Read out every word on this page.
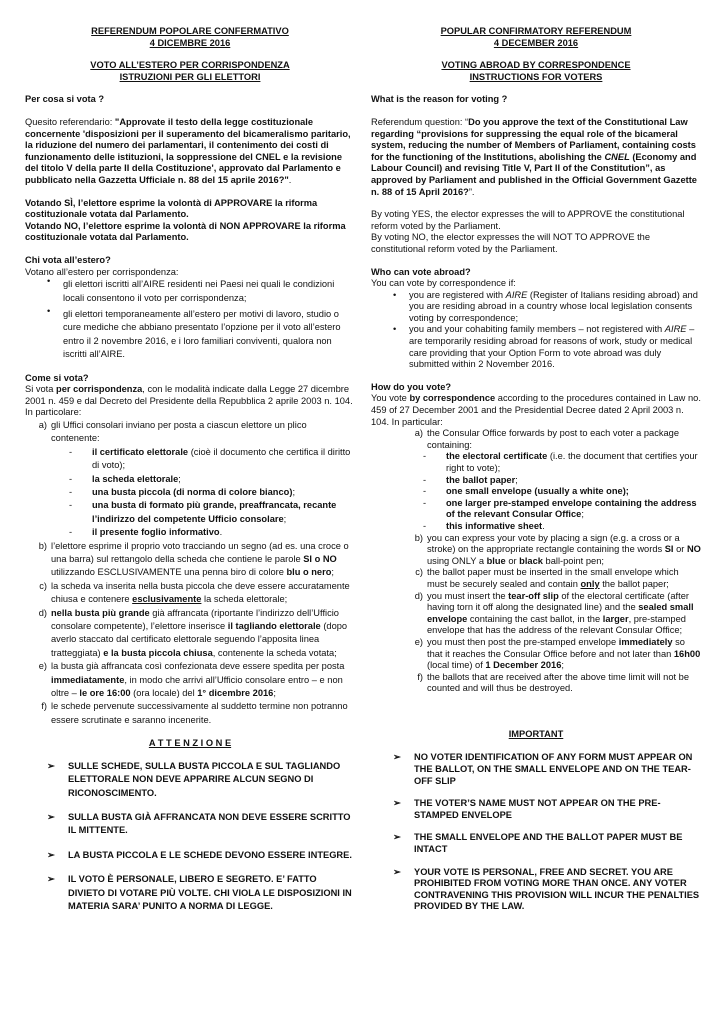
REFERENDUM POPOLARE CONFERMATIVO

4 DICEMBRE 2016

VOTO ALL’ESTERO PER CORRISPONDENZA

ISTRUZIONI PER GLI ELETTORI

Per cosa si vota ?

Quesito referendario: "Approvate il testo della legge costituzionale concernente 'disposizioni per il superamento del bicameralismo paritario, la riduzione del numero dei parlamentari, il contenimento dei costi di funzionamento delle istituzioni, la soppressione del CNEL e la revisione del titolo V della parte II della Costituzione', approvato dal Parlamento e pubblicato nella Gazzetta Ufficiale n. 88 del 15 aprile 2016?".

Votando SÌ, l’elettore esprime la volontà di APPROVARE la riforma costituzionale votata dal Parlamento.

Votando NO, l’elettore esprime la volontà di NON APPROVARE la riforma costituzionale votata dal Parlamento.

Chi vota all’estero?

Votano all’estero per corrispondenza:

• gli elettori iscritti all’AIRE residenti nei Paesi nei quali le condizioni locali consentono il voto per corrispondenza;
• gli elettori temporaneamente all’estero per motivi di lavoro, studio o cure mediche che abbiano presentato l’opzione per il voto all’estero entro il 2 novembre 2016, e i loro familiari conviventi, qualora non iscritti all’AIRE.

Come si vota?

Si vota per corrispondenza, con le modalità indicate dalla Legge 27 dicembre 2001 n. 459 e dal Decreto del Presidente della Repubblica 2 aprile 2003 n. 104. In particolare:

a) gli Uffici consolari inviano per posta a ciascun elettore un plico contenente:
- il certificato elettorale (cioè il documento che certifica il diritto di voto);
- la scheda elettorale;
- una busta piccola (di norma di colore bianco);
- una busta di formato più grande, preaffrancata, recante l’indirizzo del competente Ufficio consolare;
- il presente foglio informativo.
b) l’elettore esprime il proprio voto tracciando un segno (ad es. una croce o una barra) sul rettangolo della scheda che contiene le parole SI o NO utilizzando ESCLUSIVAMENTE una penna biro di colore blu o nero;
c) la scheda va inserita nella busta piccola che deve essere accuratamente chiusa e contenere esclusivamente la scheda elettorale;
d) nella busta più grande già affrancata (riportante l’indirizzo dell’Ufficio consolare competente), l’elettore inserisce il tagliando elettorale (dopo averlo staccato dal certificato elettorale seguendo l’apposita linea tratteggiata) e la busta piccola chiusa, contenente la scheda votata;
e) la busta già affrancata così confezionata deve essere spedita per posta immediatamente, in modo che arrivi all’Ufficio consolare entro – e non oltre – le ore 16:00 (ora locale) del 1° dicembre 2016;
f) le schede pervenute successivamente al suddetto termine non potranno essere scrutinate e saranno incenerite.

A T T E N Z I O N E

➢ SULLE SCHEDE, SULLA BUSTA PICCOLA E SUL TAGLIANDO ELETTORALE NON DEVE APPARIRE ALCUN SEGNO DI RICONOSCIMENTO.
➢ SULLA BUSTA GIÀ AFFRANCATA NON DEVE ESSERE SCRITTO IL MITTENTE.
➢ LA BUSTA PICCOLA E LE SCHEDE DEVONO ESSERE INTEGRE.
➢ IL VOTO È PERSONALE, LIBERO E SEGRETO. E’ FATTO DIVIETO DI VOTARE PIÙ VOLTE. CHI VIOLA LE DISPOSIZIONI IN MATERIA SARA’ PUNITO A NORMA DI LEGGE.

POPULAR CONFIRMATORY REFERENDUM

4 DECEMBER 2016

VOTING ABROAD BY CORRESPONDENCE

INSTRUCTIONS FOR VOTERS

What is the reason for voting ?

Referendum question: “Do you approve the text of the Constitutional Law regarding “provisions for suppressing the equal role of the bicameral system, reducing the number of Members of Parliament, containing costs for the functioning of the Institutions, abolishing the CNEL (Economy and Labour Council) and revising Title V, Part II of the Constitution”, as approved by Parliament and published in the Official Government Gazette n. 88 of 15 April 2016?”.

By voting YES, the elector expresses the will to APPROVE the constitutional reform voted by the Parliament.

By voting NO, the elector expresses the will NOT TO APPROVE the constitutional reform voted by the Parliament.

Who can vote abroad?

You can vote by correspondence if:

• you are registered with AIRE (Register of Italians residing abroad) and you are residing abroad in a country whose local legislation consents voting by correspondence;
• you and your cohabiting family members – not registered with AIRE – are temporarily residing abroad for reasons of work, study or medical care providing that your Option Form to vote abroad was duly submitted within 2 November 2016.

How do you vote?

You vote by correspondence according to the procedures contained in Law no. 459 of 27 December 2001 and the Presidential Decree dated 2 April 2003 n. 104. In particular:

a) the Consular Office forwards by post to each voter a package containing:
- the electoral certificate (i.e. the document that certifies your right to vote);
- the ballot paper;
- one small envelope (usually a white one);
- one larger pre-stamped envelope containing the address of the relevant Consular Office;
- this informative sheet.
b) you can express your vote by placing a sign (e.g. a cross or a stroke) on the appropriate rectangle containing the words SI or NO using ONLY a blue or black ball-point pen;
c) the ballot paper must be inserted in the small envelope which must be securely sealed and contain only the ballot paper;
d) you must insert the tear-off slip of the electoral certificate (after having torn it off along the designated line) and the sealed small envelope containing the cast ballot, in the larger, pre-stamped envelope that has the address of the relevant Consular Office;
e) you must then post the pre-stamped envelope immediately so that it reaches the Consular Office before and not later than 16h00 (local time) of 1 December 2016;
f) the ballots that are received after the above time limit will not be counted and will thus be destroyed.

IMPORTANT

➢ NO VOTER IDENTIFICATION OF ANY FORM MUST APPEAR ON THE BALLOT, ON THE SMALL ENVELOPE AND ON THE TEAR-OFF SLIP
➢ THE VOTER’S NAME MUST NOT APPEAR ON THE PRE-STAMPED ENVELOPE
➢ THE SMALL ENVELOPE AND THE BALLOT PAPER MUST BE INTACT
➢ YOUR VOTE IS PERSONAL, FREE AND SECRET. YOU ARE PROHIBITED FROM VOTING MORE THAN ONCE. ANY VOTER CONTRAVENING THIS PROVISION WILL INCUR THE PENALTIES PROVIDED BY THE LAW.
